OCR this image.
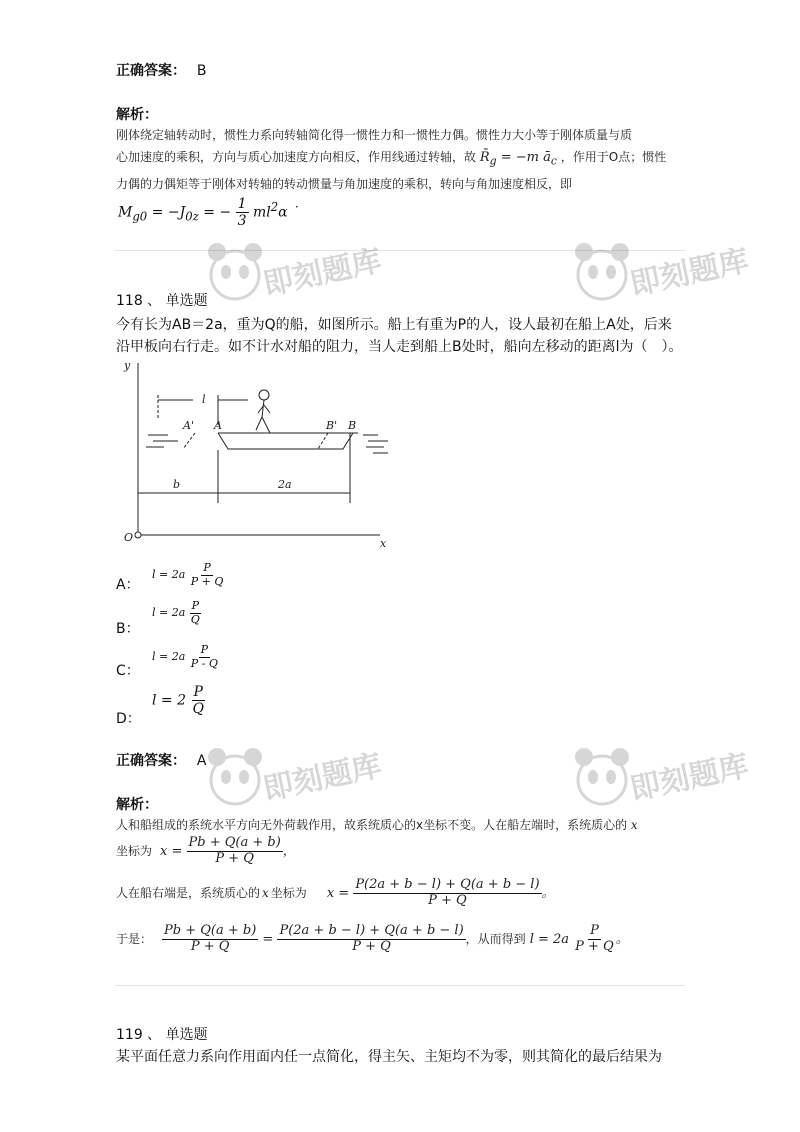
正确答案： B
解析：
刚体绕定轴转动时，惯性力系向转轴简化得一惯性力和一惯性力偶。惯性力大小等于刚体质量与质
心加速度的乘积，方向与质心加速度方向相反，作用线通过转轴，故 $R̄_g = -m$ $ā_c$ ，作用于O点；惯性
力偶的力偶矩等于刚体对转轴的转动惯量与角加速度的乘积，转向与角加速度相反，即
$M_{g0} = -J_{0z}$ = − $\frac{1}{3} ml^2\alpha$ ˙
118 、 单选题
今有长为AB＝2a，重为Q的船，如图所示。船上有重为P的人，设人最初在船上A处，后来
沿甲板向右行走。如不计水对船的阻力，当人走到船上B处时，船向左移动的距离l为（　）。
y
x
O
l
A' A	B' B
b	2a
A：
$l = 2a \frac{P}{P + Q}$
B：
$l = 2a \frac{P}{Q}$
C：
$l = 2a \frac{P}{P - Q}$
D：
$l = 2 \frac{P}{Q}$
正确答案： A
解析：
人和船组成的系统水平方向无外荷载作用，故系统质心的x坐标不变。人在船左端时，系统质心的 x
坐标为 $x = \frac{Pb + Q(a + b)}{P + Q}$ ，
人在船右端是，系统质心的 x 坐标为 $x = \frac{P(2a + b - l) + Q(a + b - l)}{P + Q}$ 。
于是： $\frac{Pb + Q(a + b)}{P + Q} = \frac{P(2a + b - l) + Q(a + b - l)}{P + Q}$ ，从而得到 $l = 2a \frac{P}{P + Q}$ 。
119 、 单选题
某平面任意力系向作用面内任一点简化，得主矢、主矩均不为零，则其简化的最后结果为
即刻题库	即刻题库
即刻题库	即刻题库
